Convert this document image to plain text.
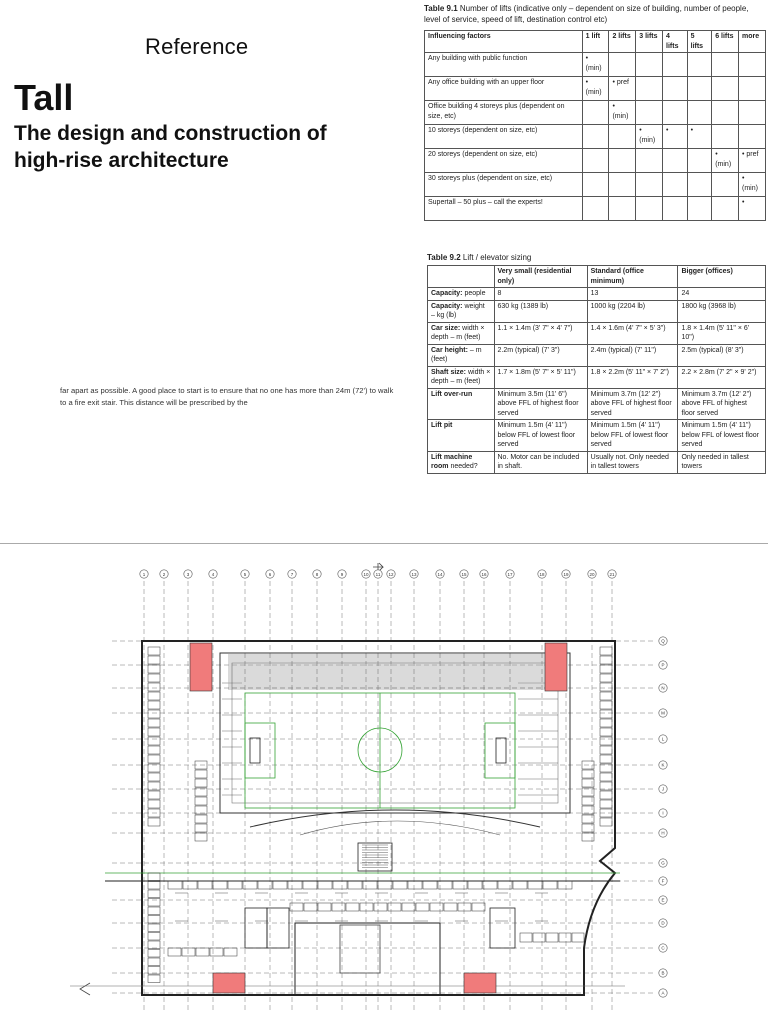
Reference
Tall
The design and construction of high-rise architecture
far apart as possible. A good place to start is to ensure that no one has more than 24m (72') to walk to a fire exit stair. This distance will be prescribed by the
Table 9.1 Number of lifts (indicative only – dependent on size of building, number of people, level of service, speed of lift, destination control etc)
Influencing factors	1 lift	2 lifts	3 lifts	4 lifts	5 lifts	6 lifts	more
Any building with public function	• (min)						
Any office building with an upper floor	• (min)	• pref					
Office building 4 storeys plus (dependent on size, etc)		• (min)					
10 storeys (dependent on size, etc)			• (min)	•	•		
20 storeys (dependent on size, etc)						• (min)	• pref
30 storeys plus (dependent on size, etc)							• (min)
Supertall – 50 plus – call the experts!							•
Table 9.2 Lift / elevator sizing
	Very small (residential only)	Standard (office minimum)	Bigger (offices)
Capacity: people	8	13	24
Capacity: weight – kg (lb)	630 kg (1389 lb)	1000 kg (2204 lb)	1800 kg (3968 lb)
Car size: width × depth – m (feet)	1.1 × 1.4m (3' 7" × 4' 7")	1.4 × 1.6m (4' 7" × 5' 3")	1.8 × 1.4m (5' 11" × 6' 10")
Car height: – m (feet)	2.2m (typical) (7' 3")	2.4m (typical) (7' 11")	2.5m (typical) (8' 3")
Shaft size: width × depth – m (feet)	1.7 × 1.8m (5' 7" × 5' 11")	1.8 × 2.2m (5' 11" × 7' 2")	2.2 × 2.8m (7' 2" × 9' 2")
Lift over-run	Minimum 3.5m (11' 6") above FFL of highest floor served	Minimum 3.7m (12' 2") above FFL of highest floor served	Minimum 3.7m (12' 2") above FFL of highest floor served
Lift pit	Minimum 1.5m (4' 11") below FFL of lowest floor served	Minimum 1.5m (4' 11") below FFL of lowest floor served	Minimum 1.5m (4' 11") below FFL of lowest floor served
Lift machine room needed?	No. Motor can be included in shaft.	Usually not. Only needed in tallest towers	Only needed in tallest towers
1	2	3	4	5	6	7	8	9	10 11 12	13	14	15	16	17	18	19	20	21
Q
P
N
M
L
K
J
I
H
G
F
E
D
C
B
A
